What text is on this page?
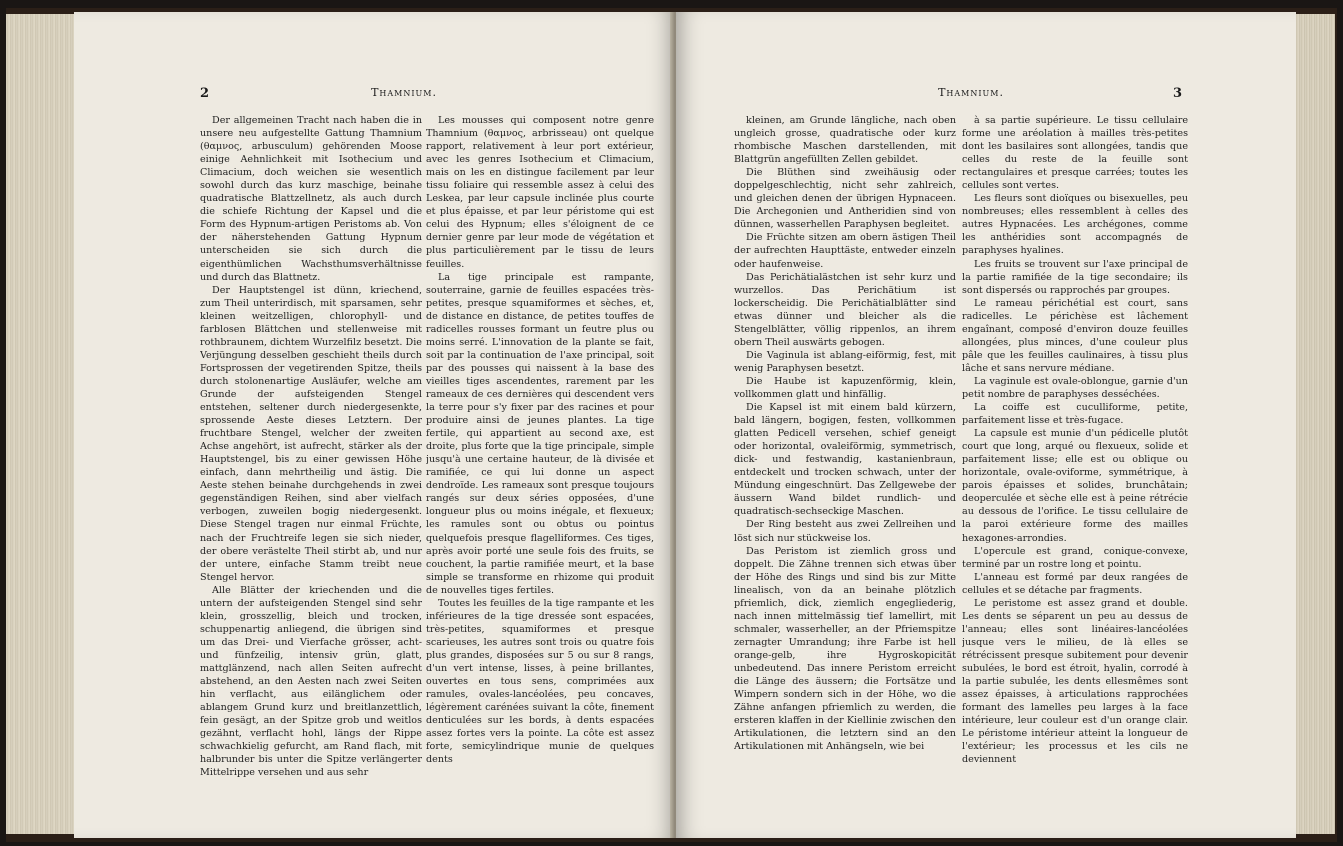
2	Thamnium.

Der allgemeinen Tracht nach haben die in unsere neu aufgestellte Gattung Thamnium (θαμνος, arbusculum) gehörenden Moose einige Aehnlichkeit mit Isothecium und Climacium, doch weichen sie wesentlich sowohl durch das kurz maschige, beinahe quadratische Blattzellnetz, als auch durch die schiefe Richtung der Kapsel und die Form des Hypnum-artigen Peristoms ab. Von der näherstehenden Gattung Hypnum unterscheiden sie sich durch die eigenthümlichen Wachsthumsverhältnisse und durch das Blattnetz.

Der Hauptstengel ist dünn, kriechend, zum Theil unterirdisch, mit sparsamen, sehr kleinen weitzelligen, chlorophyll- und farblosen Blättchen und stellenweise mit rothbraunem, dichtem Wurzelfilz besetzt. Die Verjüngung desselben geschieht theils durch Fortsprossen der vegetirenden Spitze, theils durch stolonenartige Ausläufer, welche am Grunde der aufsteigenden Stengel entstehen, seltener durch niedergesenkte, sprossende Aeste dieses Letztern. Der fruchtbare Stengel, welcher der zweiten Achse angehört, ist aufrecht, stärker als der Hauptstengel, bis zu einer gewissen Höhe einfach, dann mehrtheilig und ästig. Die Aeste stehen beinahe durchgehends in zwei gegenständigen Reihen, sind aber vielfach verbogen, zuweilen bogig niedergesenkt. Diese Stengel tragen nur einmal Früchte, nach der Fruchtreife legen sie sich nieder, der obere verästelte Theil stirbt ab, und nur der untere, einfache Stamm treibt neue Stengel hervor.

Alle Blätter der kriechenden und die untern der aufsteigenden Stengel sind sehr klein, grosszellig, bleich und trocken, schuppenartig anliegend, die übrigen sind um das Drei- und Vierfache grösser, acht- und fünfzeilig, intensiv grün, glatt, mattglänzend, nach allen Seiten aufrecht abstehend, an den Aesten nach zwei Seiten hin verflacht, aus eilänglichem oder ablangem Grund kurz und breitlanzettlich, fein gesägt, an der Spitze grob und weitlos gezähnt, verflacht hohl, längs der Rippe schwachkielig gefurcht, am Rand flach, mit halbrunder bis unter die Spitze verlängerter Mittelrippe versehen und aus sehr

Les mousses qui composent notre genre Thamnium (θαμνος, arbrisseau) ont quelque rapport, relativement à leur port extérieur, avec les genres Isothecium et Climacium, mais on les en distingue facilement par leur tissu foliaire qui ressemble assez à celui des Leskea, par leur capsule inclinée plus courte et plus épaisse, et par leur péristome qui est celui des Hypnum; elles s'éloignent de ce dernier genre par leur mode de végétation et plus particulièrement par le tissu de leurs feuilles.

La tige principale est rampante, souterraine, garnie de feuilles espacées très-petites, presque squamiformes et sèches, et, de distance en distance, de petites touffes de radicelles rousses formant un feutre plus ou moins serré. L'innovation de la plante se fait, soit par la continuation de l'axe principal, soit par des pousses qui naissent à la base des vieilles tiges ascendentes, rarement par les rameaux de ces dernières qui descendent vers la terre pour s'y fixer par des racines et pour produire ainsi de jeunes plantes. La tige fertile, qui appartient au second axe, est droite, plus forte que la tige principale, simple jusqu'à une certaine hauteur, de là divisée et ramifiée, ce qui lui donne un aspect dendroïde. Les rameaux sont presque toujours rangés sur deux séries opposées, d'une longueur plus ou moins inégale, et flexueux; les ramules sont ou obtus ou pointus quelquefois presque flagelliformes. Ces tiges, après avoir porté une seule fois des fruits, se couchent, la partie ramifiée meurt, et la base simple se transforme en rhizome qui produit de nouvelles tiges fertiles.

Toutes les feuilles de la tige rampante et les inférieures de la tige dressée sont espacées, très-petites, squamiformes et presque scarieuses, les autres sont trois ou quatre fois plus grandes, disposées sur 5 ou sur 8 rangs, d'un vert intense, lisses, à peine brillantes, ouvertes en tous sens, comprimées aux ramules, ovales-lancéolées, peu concaves, légèrement carénées suivant la côte, finement denticulées sur les bords, à dents espacées assez fortes vers la pointe. La côte est assez forte, semicylindrique munie de quelques dents

Thamnium.	3

kleinen, am Grunde längliche, nach oben ungleich grosse, quadratische oder kurz rhombische Maschen darstellenden, mit Blattgrün angefüllten Zellen gebildet.

Die Blüthen sind zweihäusig oder doppelgeschlechtig, nicht sehr zahlreich, und gleichen denen der übrigen Hypnaceen. Die Archegonien und Antheridien sind von dünnen, wasserhellen Paraphysen begleitet.

Die Früchte sitzen am obern ästigen Theil der aufrechten Haupttäste, entweder einzeln oder haufenweise.

Das Perichätialästchen ist sehr kurz und wurzellos. Das Perichätium ist lockerscheidig. Die Perichätialblätter sind etwas dünner und bleicher als die Stengelblätter, völlig rippenlos, an ihrem obern Theil auswärts gebogen.

Die Vaginula ist ablang-eiförmig, fest, mit wenig Paraphysen besetzt.

Die Haube ist kapuzenförmig, klein, vollkommen glatt und hinfällig.

Die Kapsel ist mit einem bald kürzern, bald längern, bogigen, festen, vollkommen glatten Pedicell versehen, schief geneigt oder horizontal, ovaleiförmig, symmetrisch, dick- und festwandig, kastanienbraun, entdeckelt und trocken schwach, unter der Mündung eingeschnürt. Das Zellgewebe der äussern Wand bildet rundlich- und quadratisch-sechseckige Maschen.

Der Ring besteht aus zwei Zellreihen und löst sich nur stückweise los.

Das Peristom ist ziemlich gross und doppelt. Die Zähne trennen sich etwas über der Höhe des Rings und sind bis zur Mitte linealisch, von da an beinahe plötzlich pfriemlich, dick, ziemlich engegliederig, nach innen mittelmässig tief lamellirt, mit schmaler, wasserheller, an der Pfriemspitze zernagter Umrandung; ihre Farbe ist hell orange-gelb, ihre Hygroskopicität unbedeutend. Das innere Peristom erreicht die Länge des äussern; die Fortsätze und Wimpern sondern sich in der Höhe, wo die Zähne anfangen pfriemlich zu werden, die ersteren klaffen in der Kiellinie zwischen den Artikulationen, die letztern sind an den Artikulationen mit Anhängseln, wie bei

à sa partie supérieure. Le tissu cellulaire forme une aréolation à mailles très-petites dont les basilaires sont allongées, tandis que celles du reste de la feuille sont rectangulaires et presque carrées; toutes les cellules sont vertes.

Les fleurs sont dioïques ou bisexuelles, peu nombreuses; elles ressemblent à celles des autres Hypnacées. Les archégones, comme les anthéridies sont accompagnés de paraphyses hyalines.

Les fruits se trouvent sur l'axe principal de la partie ramifiée de la tige secondaire; ils sont dispersés ou rapprochés par groupes.

Le rameau périchétial est court, sans radicelles. Le périchèse est lâchement engaînant, composé d'environ douze feuilles allongées, plus minces, d'une couleur plus pâle que les feuilles caulinaires, à tissu plus lâche et sans nervure médiane.

La vaginule est ovale-oblongue, garnie d'un petit nombre de paraphyses desséchées.

La coiffe est cuculliforme, petite, parfaitement lisse et très-fugace.

La capsule est munie d'un pédicelle plutôt court que long, arqué ou flexueux, solide et parfaitement lisse; elle est ou oblique ou horizontale, ovale-oviforme, symmétrique, à parois épaisses et solides, brunchâtain; deoperculée et sèche elle est à peine rétrécie au dessous de l'orifice. Le tissu cellulaire de la paroi extérieure forme des mailles hexagones-arrondies.

L'opercule est grand, conique-convexe, terminé par un rostre long et pointu.

L'anneau est formé par deux rangées de cellules et se détache par fragments.

Le peristome est assez grand et double. Les dents se séparent un peu au dessus de l'anneau; elles sont linéaires-lancéolées jusque vers le milieu, de là elles se rétrécissent presque subitement pour devenir subulées, le bord est étroit, hyalin, corrodé à la partie subulée, les dents ellesmêmes sont assez épaisses, à articulations rapprochées formant des lamelles peu larges à la face intérieure, leur couleur est d'un orange clair. Le péristome intérieur atteint la longueur de l'extérieur; les processus et les cils ne deviennent
